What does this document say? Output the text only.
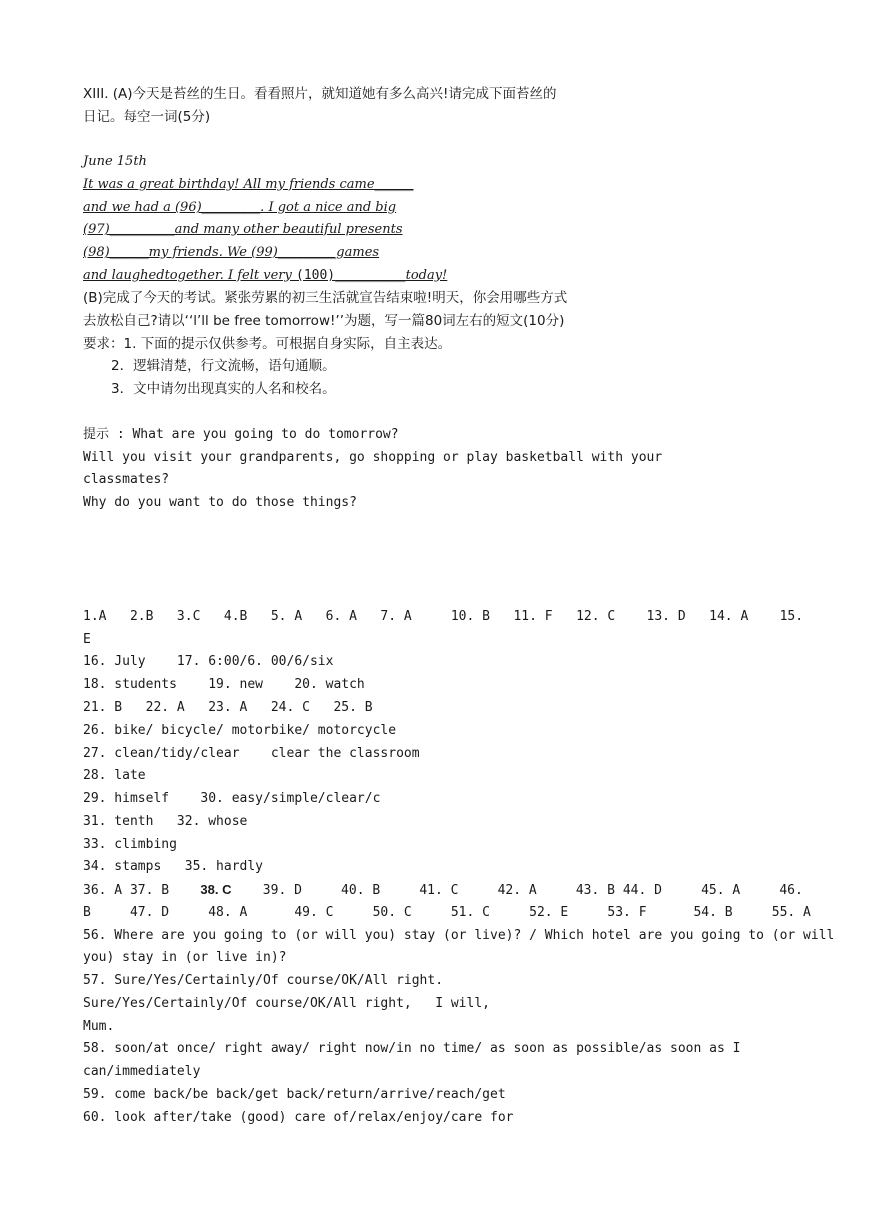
XIII. (A)今天是苔丝的生日。看看照片，就知道她有多么高兴!请完成下面苔丝的
日记。每空一词(5分)
June 15th
It was a great birthday! All my friends came______
and we had a (96)_________. I got a nice and big
(97)__________and many other beautiful presents
(98)______my friends. We (99)_________games
and laughedtogether. I felt very (100)_________today!
(B)完成了今天的考试。紧张劳累的初三生活就宣告结束啦!明天，你会用哪些方式
去放松自己?请以‘‘l’ll be free tomorrow!’’为题，写一篇80词左右的短文(10分)
要求：1. 下面的提示仅供参考。可根据自身实际，自主表达。
2．逻辑清楚，行文流畅，语句通顺。
3．文中请勿出现真实的人名和校名。
提示 : What are you going to do tomorrow?
Will you visit your grandparents, go shopping or play basketball with your
classmates?
Why do you want to do those things?
1.A   2.B   3.C   4.B   5. A   6. A   7. A     10. B   11. F   12. C    13. D   14. A    15.
E
16. July    17. 6:00/6. 00/6/six
18. students    19. new    20. watch
21. B   22. A   23. A   24. C   25. B
26. bike/ bicycle/ motorbike/ motorcycle
27. clean/tidy/clear    clear the classroom
28. late
29. himself    30. easy/simple/clear/c
31. tenth   32. whose
33. climbing
34. stamps   35. hardly
36. A 37. B    38. C    39. D     40. B     41. C     42. A     43. B 44. D     45. A     46.
B     47. D     48. A      49. C     50. C     51. C     52. E     53. F      54. B     55. A
56. Where are you going to (or will you) stay (or live)? / Which hotel are you going to (or will
you) stay in (or live in)?
57. Sure/Yes/Certainly/Of course/OK/All right.
Sure/Yes/Certainly/Of course/OK/All right,   I will,
Mum.
58. soon/at once/ right away/ right now/in no time/ as soon as possible/as soon as I
can/immediately
59. come back/be back/get back/return/arrive/reach/get
60. look after/take (good) care of/relax/enjoy/care for
